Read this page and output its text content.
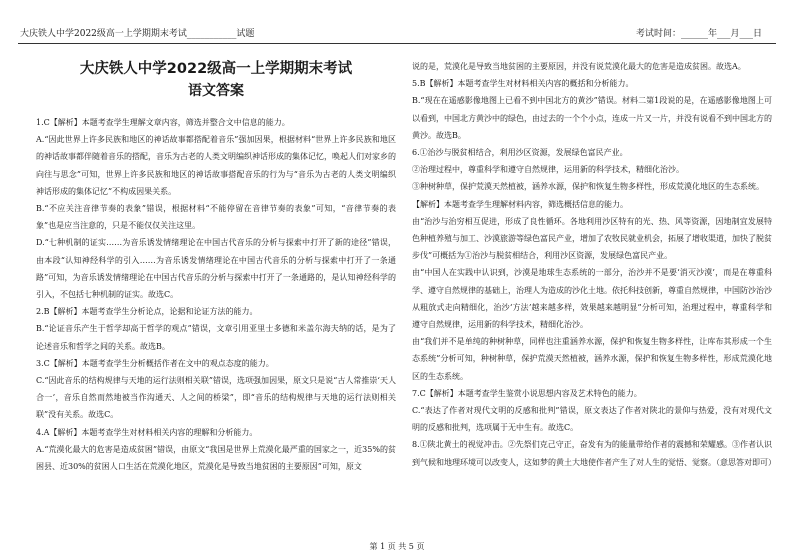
大庆铁人中学2022级高一上学期期末考试___________试题	考试时间：______年___月___日
大庆铁人中学2022级高一上学期期末考试
语文答案

1.C【解析】本题考查学生理解文章内容，筛选并整合文中信息的能力。

A.“因此世界上许多民族和地区的神话故事都搭配着音乐”强加因果，根据材料“世界上许多民族和地区的神话故事都伴随着音乐的搭配，音乐为古老的人类文明编织神话形成的集体记忆，唤起人们对家乡的向往与思念”可知，世界上许多民族和地区的神话故事搭配音乐的行为与“音乐为古老的人类文明编织神话形成的集体记忆”不构成因果关系。

B.“不应关注音律节奏的表象”错误，根据材料“不能停留在音律节奏的表象”可知，“音律节奏的表象”也是应当注意的，只是不能仅仅关注这里。

D.“七种机制的证实……为音乐诱发情绪理论在中国古代音乐的分析与探索中打开了新的途径”错误，由本段“认知神经科学的引入……为音乐诱发情绪理论在中国古代音乐的分析与探索中打开了一条通路”可知，为音乐诱发情绪理论在中国古代音乐的分析与探索中打开了一条通路的，是认知神经科学的引入，不包括七种机制的证实。故选C。

2.B【解析】本题考查学生分析论点，论据和论证方法的能力。

B.“论证音乐产生于哲学却高于哲学的观点”错误，文章引用亚里士多德和米盖尔海夫纳的话，是为了论述音乐和哲学之间的关系。故选B。

3.C【解析】本题考查学生分析概括作者在文中的观点态度的能力。

C.“因此音乐的结构规律与天地的运行法则相关联”错误，选项强加因果，原文只是说“古人常推崇‘天人合一’，音乐自然而然地被当作沟通天、人之间的桥梁”，即“音乐的结构规律与天地的运行法则相关联”没有关系。故选C。

4.A【解析】本题考查学生对材料相关内容的理解和分析能力。

A.“荒漠化最大的危害是造成贫困”错误，由原文“我国是世界上荒漠化最严重的国家之一，近35%的贫困县、近30%的贫困人口生活在荒漠化地区，荒漠化是导致当地贫困的主要原因”可知，原文

说的是，荒漠化是导致当地贫困的主要原因，并没有说荒漠化最大的危害是造成贫困。故选A。

5.B【解析】本题考查学生对材料相关内容的概括和分析能力。

B.“现在在遥感影像地图上已看不到中国北方的黄沙”错误。材料二第1段说的是，在遥感影像地图上可以看到，中国北方黄沙中的绿色，由过去的一个个小点，连成一片又一片，并没有说看不到中国北方的黄沙。故选B。

6.①治沙与脱贫相结合，利用沙区资源，发展绿色富民产业。

②治理过程中，尊重科学和遵守自然规律，运用新的科学技术，精细化治沙。

③种树种草，保护荒漠天然植被，涵养水源，保护和恢复生物多样性，形成荒漠化地区的生态系统。

【解析】本题考查学生理解材料内容，筛选概括信息的能力。

由“治沙与治穷相互促进，形成了良性循环。各地利用沙区特有的光、热、风等资源，因地制宜发展特色种植养殖与加工、沙漠旅游等绿色富民产业，增加了农牧民就业机会，拓展了增收渠道，加快了脱贫步伐”可概括为①治沙与脱贫相结合，利用沙区资源，发展绿色富民产业。

由“中国人在实践中认识到，沙漠是地球生态系统的一部分，治沙并不是要‘消灭沙漠’，而是在尊重科学、遵守自然规律的基础上，治理人为造成的沙化土地。依托科技创新，尊重自然规律，中国防沙治沙从粗放式走向精细化，治沙‘方法’越来越多样，效果越来越明显”分析可知，治理过程中，尊重科学和遵守自然规律，运用新的科学技术，精细化治沙。

由“我们并不是单纯的种树种草，同样也注重涵养水源，保护和恢复生物多样性，让库布其形成一个生态系统”分析可知，种树种草，保护荒漠天然植被，涵养水源，保护和恢复生物多样性，形成荒漠化地区的生态系统。

7.C【解析】本题考查学生鉴赏小说思想内容及艺术特色的能力。

C.“表达了作者对现代文明的反感和批判”错误，原文表达了作者对陕北的景仰与热爱，没有对现代文明的反感和批判，选项属于无中生有。故选C。

8.①陕北黄土的视觉冲击。②先祭们克己守正，奋发有为的能量带给作者的震撼和荣耀感。③作者认识到气候和地理环境可以改变人，这如梦的黄土大地使作者产生了对人生的觉悟、觉察。（意思答对即可）

第 1 页 共 5 页
